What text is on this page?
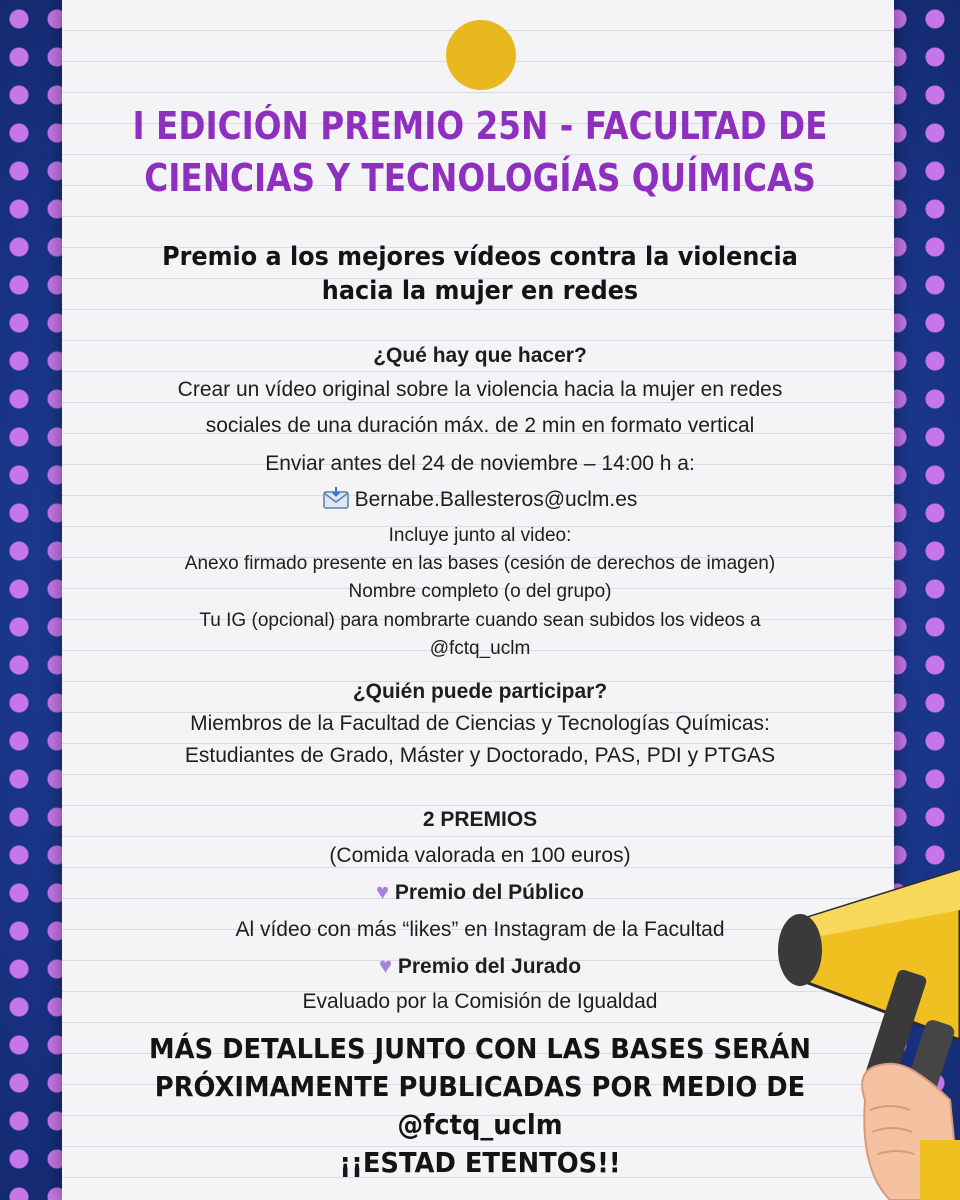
I EDICIÓN PREMIO 25N - FACULTAD DE
CIENCIAS Y TECNOLOGÍAS QUÍMICAS
Premio a los mejores vídeos contra la violencia
hacia la mujer en redes
¿Qué hay que hacer?
Crear un vídeo original sobre la violencia hacia la mujer en redes
sociales de una duración máx. de 2 min en formato vertical
Enviar antes del 24 de noviembre – 14:00 h a:
Bernabe.Ballesteros@uclm.es
Incluye junto al video:
Anexo firmado presente en las bases (cesión de derechos de imagen)
Nombre completo (o del grupo)
Tu IG (opcional) para nombrarte cuando sean subidos los videos a
@fctq_uclm
¿Quién puede participar?
Miembros de la Facultad de Ciencias y Tecnologías Químicas:
Estudiantes de Grado, Máster y Doctorado, PAS, PDI y PTGAS
2 PREMIOS
(Comida valorada en 100 euros)
♥ Premio del Público
Al vídeo con más “likes” en Instagram de la Facultad
♥ Premio del Jurado
Evaluado por la Comisión de Igualdad
MÁS DETALLES JUNTO CON LAS BASES SERÁN
PRÓXIMAMENTE PUBLICADAS POR MEDIO DE
@fctq_uclm
¡¡ESTAD ETENTOS!!
